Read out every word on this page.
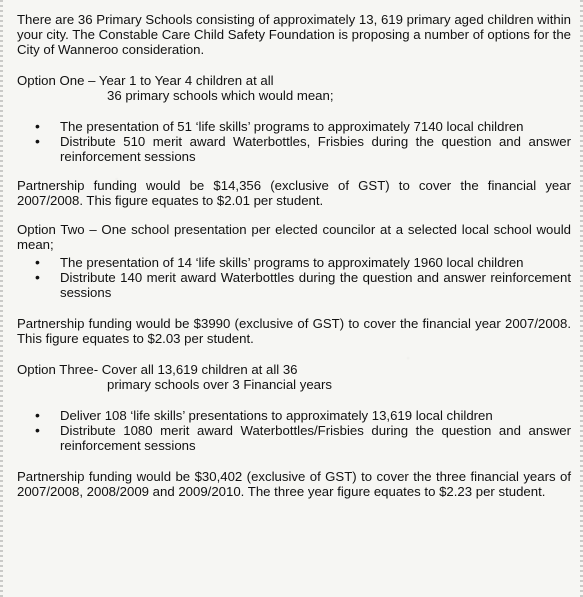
There are 36 Primary Schools consisting of approximately 13, 619 primary aged children within your city. The Constable Care Child Safety Foundation is proposing a number of options for the City of Wanneroo consideration.

Option One – Year 1 to Year 4 children at all

36 primary schools which would mean;

• The presentation of 51 ‘life skills’ programs to approximately 7140 local children
• Distribute 510 merit award Waterbottles, Frisbies during the question and answer reinforcement sessions

Partnership funding would be $14,356 (exclusive of GST) to cover the financial year 2007/2008. This figure equates to $2.01 per student.

Option Two – One school presentation per elected councilor at a selected local school would mean;

• The presentation of 14 ‘life skills’ programs to approximately 1960 local children
• Distribute 140 merit award Waterbottles during the question and answer reinforcement sessions

Partnership funding would be $3990 (exclusive of GST) to cover the financial year 2007/2008. This figure equates to $2.03 per student.

Option Three- Cover all 13,619 children at all 36

primary schools over 3 Financial years

• Deliver 108 ‘life skills’ presentations to approximately 13,619 local children
• Distribute 1080 merit award Waterbottles/Frisbies during the question and answer reinforcement sessions

Partnership funding would be $30,402 (exclusive of GST) to cover the three financial years of 2007/2008, 2008/2009 and 2009/2010. The three year figure equates to $2.23 per student.
